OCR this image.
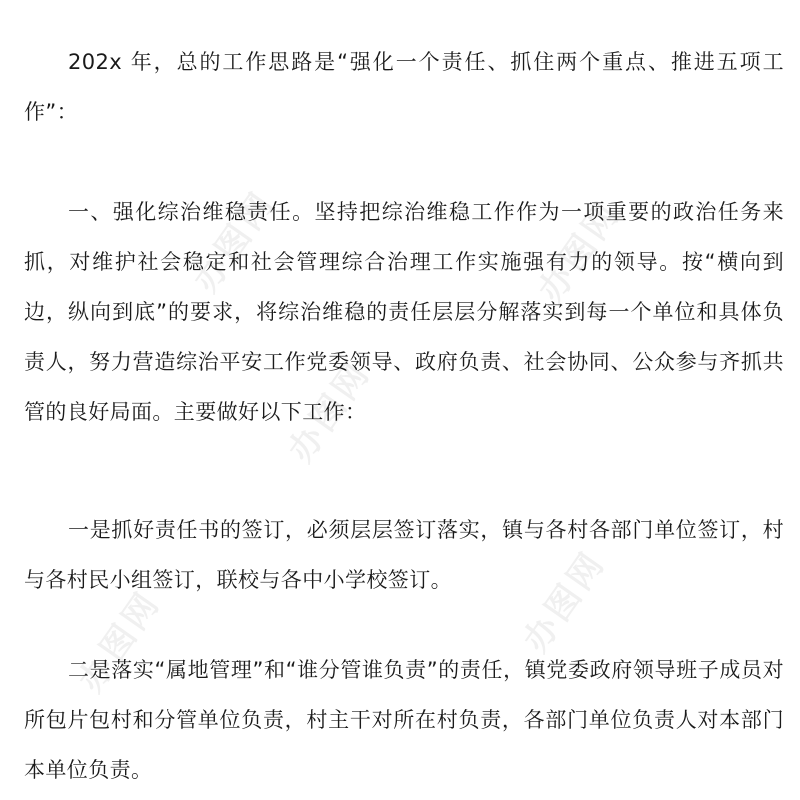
办图网	办图网
办图网
办图网
办图网

202x 年，总的工作思路是“强化一个责任、抓住两个重点、推进五项工作”：

一、强化综治维稳责任。坚持把综治维稳工作作为一项重要的政治任务来抓，对维护社会稳定和社会管理综合治理工作实施强有力的领导。按“横向到边，纵向到底”的要求，将综治维稳的责任层层分解落实到每一个单位和具体负责人，努力营造综治平安工作党委领导、政府负责、社会协同、公众参与齐抓共管的良好局面。主要做好以下工作：

一是抓好责任书的签订，必须层层签订落实，镇与各村各部门单位签订，村与各村民小组签订，联校与各中小学校签订。

二是落实“属地管理”和“谁分管谁负责”的责任，镇党委政府领导班子成员对所包片包村和分管单位负责，村主干对所在村负责，各部门单位负责人对本部门本单位负责。
